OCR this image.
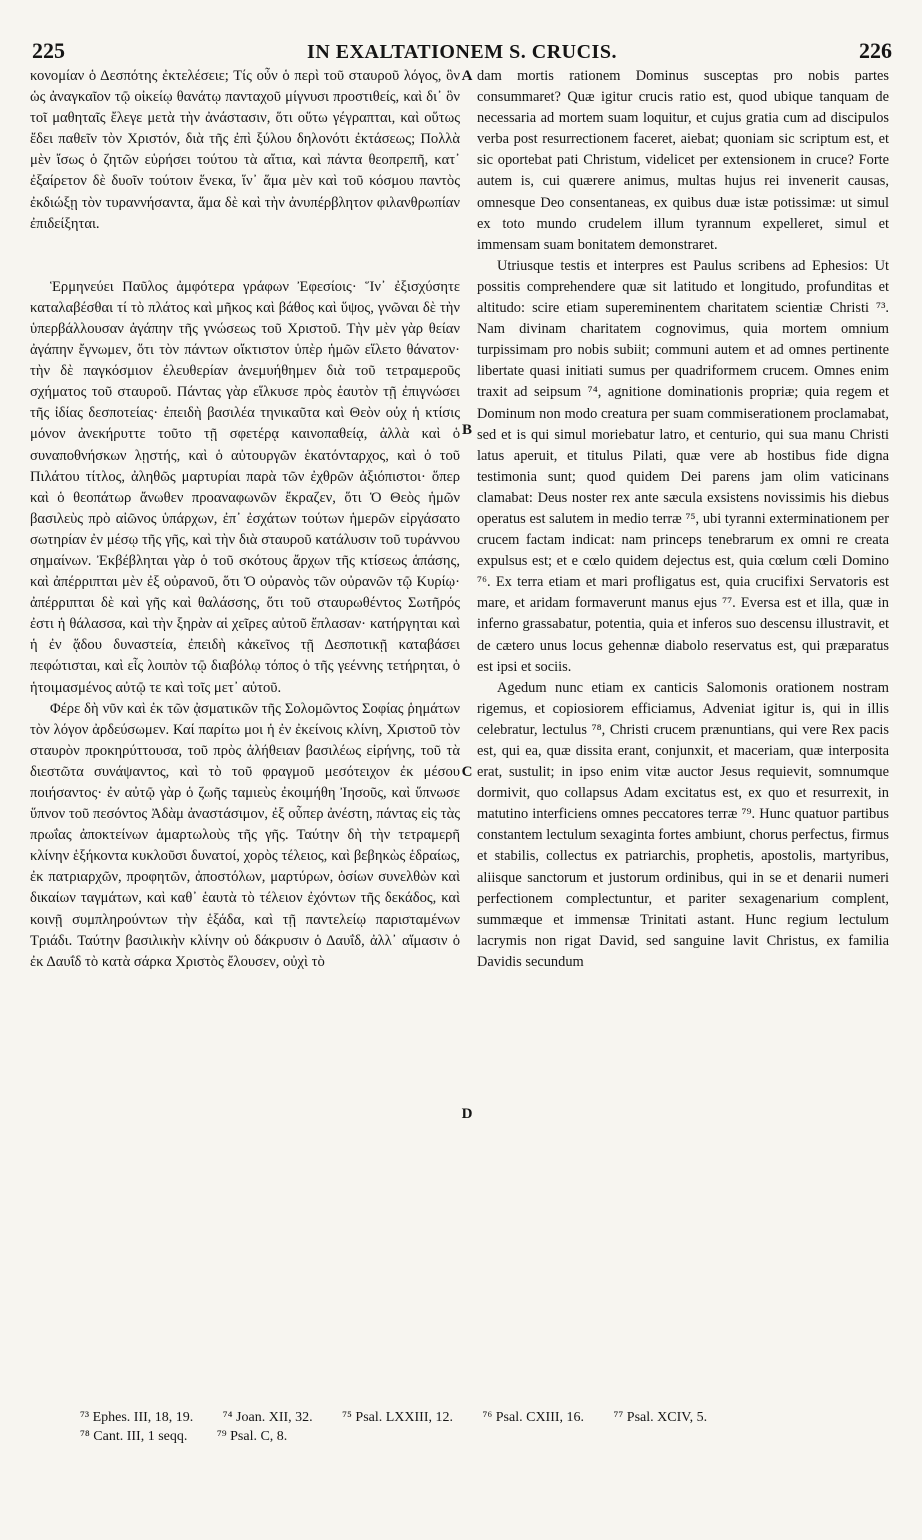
225	IN EXALTATIONEM S. CRUCIS.	226

κονομίαν ὁ Δεσπότης ἐκτελέσειε; Τίς οὖν ὁ περὶ τοῦ σταυροῦ λόγος, ὃν ὡς ἀναγκαῖον τῷ οἰκείῳ θανάτῳ πανταχοῦ μίγνυσι προστιθείς, καὶ δι᾽ ὃν τοῖ μαθηταῖς ἔλεγε μετὰ τὴν ἀνάστασιν, ὅτι οὕτω γέγραπται, καὶ οὕτως ἔδει παθεῖν τὸν Χριστόν, διὰ τῆς ἐπὶ ξύλου δηλονότι ἐκτάσεως; Πολλὰ μὲν ἴσως ὁ ζητῶν εὑρήσει τούτου τὰ αἴτια, καὶ πάντα θεοπρεπῆ, κατ᾽ ἐξαίρετον δὲ δυοῖν τούτοιν ἕνεκα, ἵν᾽ ἅμα μὲν καὶ τοῦ κόσμου παντὸς ἐκδιώξῃ τὸν τυραννήσαντα, ἅμα δὲ καὶ τὴν ἀνυπέρβλητον φιλανθρωπίαν ἐπιδείξηται.

Ἑρμηνεύει Παῦλος ἀμφότερα γράφων Ἐφεσίοις· Ἵν᾽ ἐξισχύσητε καταλαβέσθαι τί τὸ πλάτος καὶ μῆκος καὶ βάθος καὶ ὕψος, γνῶναι δὲ τὴν ὑπερβάλλουσαν ἀγάπην τῆς γνώσεως τοῦ Χριστοῦ. Τὴν μὲν γὰρ θείαν ἀγάπην ἔγνωμεν, ὅτι τὸν πάντων οἴκτιστον ὑπὲρ ἡμῶν εἵλετο θάνατον· τὴν δὲ παγκόσμιον ἐλευθερίαν ἀνεμυήθημεν διὰ τοῦ τετραμεροῦς σχήματος τοῦ σταυροῦ. Πάντας γὰρ εἵλκυσε πρὸς ἑαυτὸν τῇ ἐπιγνώσει τῆς ἰδίας δεσποτείας· ἐπειδὴ βασιλέα τηνικαῦτα καὶ Θεὸν οὐχ ἡ κτίσις μόνον ἀνεκήρυττε τοῦτο τῇ σφετέρᾳ καινοπαθείᾳ, ἀλλὰ καὶ ὁ συναποθνήσκων λῃστής, καὶ ὁ αὐτουργῶν ἑκατόνταρχος, καὶ ὁ τοῦ Πιλάτου τίτλος, ἀληθῶς μαρτυρίαι παρὰ τῶν ἐχθρῶν ἀξιόπιστοι· ὅπερ καὶ ὁ θεοπάτωρ ἄνωθεν προαναφωνῶν ἔκραζεν, ὅτι Ὁ Θεὸς ἡμῶν βασιλεὺς πρὸ αἰῶνος ὑπάρχων, ἐπ᾽ ἐσχάτων τούτων ἡμερῶν εἰργάσατο σωτηρίαν ἐν μέσῳ τῆς γῆς, καὶ τὴν διὰ σταυροῦ κατάλυσιν τοῦ τυράννου σημαίνων. Ἐκβέβληται γὰρ ὁ τοῦ σκότους ἄρχων τῆς κτίσεως ἁπάσης, καὶ ἀπέρριπται μὲν ἐξ οὐρανοῦ, ὅτι Ὁ οὐρανὸς τῶν οὐρανῶν τῷ Κυρίῳ· ἀπέρριπται δὲ καὶ γῆς καὶ θαλάσσης, ὅτι τοῦ σταυρωθέντος Σωτῆρός ἐστι ἡ θάλασσα, καὶ τὴν ξηρὰν αἱ χεῖρες αὐτοῦ ἔπλασαν· κατήργηται καὶ ἡ ἐν ᾅδου δυναστεία, ἐπειδὴ κἀκεῖνος τῇ Δεσποτικῇ καταβάσει πεφώτισται, καὶ εἷς λοιπὸν τῷ διαβόλῳ τόπος ὁ τῆς γεέννης τετήρηται, ὁ ἡτοιμασμένος αὐτῷ τε καὶ τοῖς μετ᾽ αὐτοῦ.

Φέρε δὴ νῦν καὶ ἐκ τῶν ᾀσματικῶν τῆς Σολομῶντος Σοφίας ῥημάτων τὸν λόγον ἀρδεύσωμεν. Καί παρίτω μοι ἡ ἐν ἐκείνοις κλίνη, Χριστοῦ τὸν σταυρὸν προκηρύττουσα, τοῦ πρὸς ἀλήθειαν βασιλέως εἰρήνης, τοῦ τὰ διεστῶτα συνάψαντος, καὶ τὸ τοῦ φραγμοῦ μεσότειχον ἐκ μέσου ποιήσαντος· ἐν αὐτῷ γὰρ ὁ ζωῆς ταμιεὺς ἐκοιμήθη Ἰησοῦς, καὶ ὕπνωσε ὕπνον τοῦ πεσόντος Ἀδὰμ ἀναστάσιμον, ἐξ οὗπερ ἀνέστη, πάντας εἰς τὰς πρωΐας ἀποκτείνων ἁμαρτωλοὺς τῆς γῆς. Ταύτην δὴ τὴν τετραμερῆ κλίνην ἑξήκοντα κυκλοῦσι δυνατοί, χορὸς τέλειος, καὶ βεβηκὼς ἑδραίως, ἐκ πατριαρχῶν, προφητῶν, ἀποστόλων, μαρτύρων, ὁσίων συνελθὼν καὶ δικαίων ταγμάτων, καὶ καθ᾽ ἑαυτὰ τὸ τέλειον ἐχόντων τῆς δεκάδος, καὶ κοινῇ συμπληρούντων τὴν ἑξάδα, καὶ τῇ παντελείῳ παρισταμένων Τριάδι. Ταύτην βασιλικὴν κλίνην οὐ δάκρυσιν ὁ Δαυΐδ, ἀλλ᾽ αἵμασιν ὁ ἐκ Δαυΐδ τὸ κατὰ σάρκα Χριστὸς ἔλουσεν, οὐχὶ τὸ

A
B
C
D

dam mortis rationem Dominus susceptas pro nobis partes consummaret? Quæ igitur crucis ratio est, quod ubique tanquam de necessaria ad mortem suam loquitur, et cujus gratia cum ad discipulos verba post resurrectionem faceret, aiebat; quoniam sic scriptum est, et sic oportebat pati Christum, videlicet per extensionem in cruce? Forte autem is, cui quærere animus, multas hujus rei invenerit causas, omnesque Deo consentaneas, ex quibus duæ istæ potissimæ: ut simul ex toto mundo crudelem illum tyrannum expelleret, simul et immensam suam bonitatem demonstraret.

Utriusque testis et interpres est Paulus scribens ad Ephesios: Ut possitis comprehendere quæ sit latitudo et longitudo, profunditas et altitudo: scire etiam supereminentem charitatem scientiæ Christi ⁷³. Nam divinam charitatem cognovimus, quia mortem omnium turpissimam pro nobis subiit; communi autem et ad omnes pertinente libertate quasi initiati sumus per quadriformem crucem. Omnes enim traxit ad seipsum ⁷⁴, agnitione dominationis propriæ; quia regem et Dominum non modo creatura per suam commiserationem proclamabat, sed et is qui simul moriebatur latro, et centurio, qui sua manu Christi latus aperuit, et titulus Pilati, quæ vere ab hostibus fide digna testimonia sunt; quod quidem Dei parens jam olim vaticinans clamabat: Deus noster rex ante sæcula exsistens novissimis his diebus operatus est salutem in medio terræ ⁷⁵, ubi tyranni exterminationem per crucem factam indicat: nam princeps tenebrarum ex omni re creata expulsus est; et e cœlo quidem dejectus est, quia cœlum cœli Domino ⁷⁶. Ex terra etiam et mari profligatus est, quia crucifixi Servatoris est mare, et aridam formaverunt manus ejus ⁷⁷. Eversa est et illa, quæ in inferno grassabatur, potentia, quia et inferos suo descensu illustravit, et de cætero unus locus gehennæ diabolo reservatus est, qui præparatus est ipsi et sociis.

Agedum nunc etiam ex canticis Salomonis orationem nostram rigemus, et copiosiorem efficiamus, Adveniat igitur is, qui in illis celebratur, lectulus ⁷⁸, Christi crucem prænuntians, qui vere Rex pacis est, qui ea, quæ dissita erant, conjunxit, et maceriam, quæ interposita erat, sustulit; in ipso enim vitæ auctor Jesus requievit, somnumque dormivit, quo collapsus Adam excitatus est, ex quo et resurrexit, in matutino interficiens omnes peccatores terræ ⁷⁹. Hunc quatuor partibus constantem lectulum sexaginta fortes ambiunt, chorus perfectus, firmus et stabilis, collectus ex patriarchis, prophetis, apostolis, martyribus, aliisque sanctorum et justorum ordinibus, qui in se et denarii numeri perfectionem complectuntur, et pariter sexagenarium complent, summæque et immensæ Trinitati astant. Hunc regium lectulum lacrymis non rigat David, sed sanguine lavit Christus, ex familia Davidis secundum

⁷³ Ephes. III, 18, 19. ⁷⁴ Joan. XII, 32. ⁷⁵ Psal. LXXIII, 12. ⁷⁶ Psal. CXIII, 16. ⁷⁷ Psal. XCIV, 5.
⁷⁸ Cant. III, 1 seqq. ⁷⁹ Psal. C, 8.
